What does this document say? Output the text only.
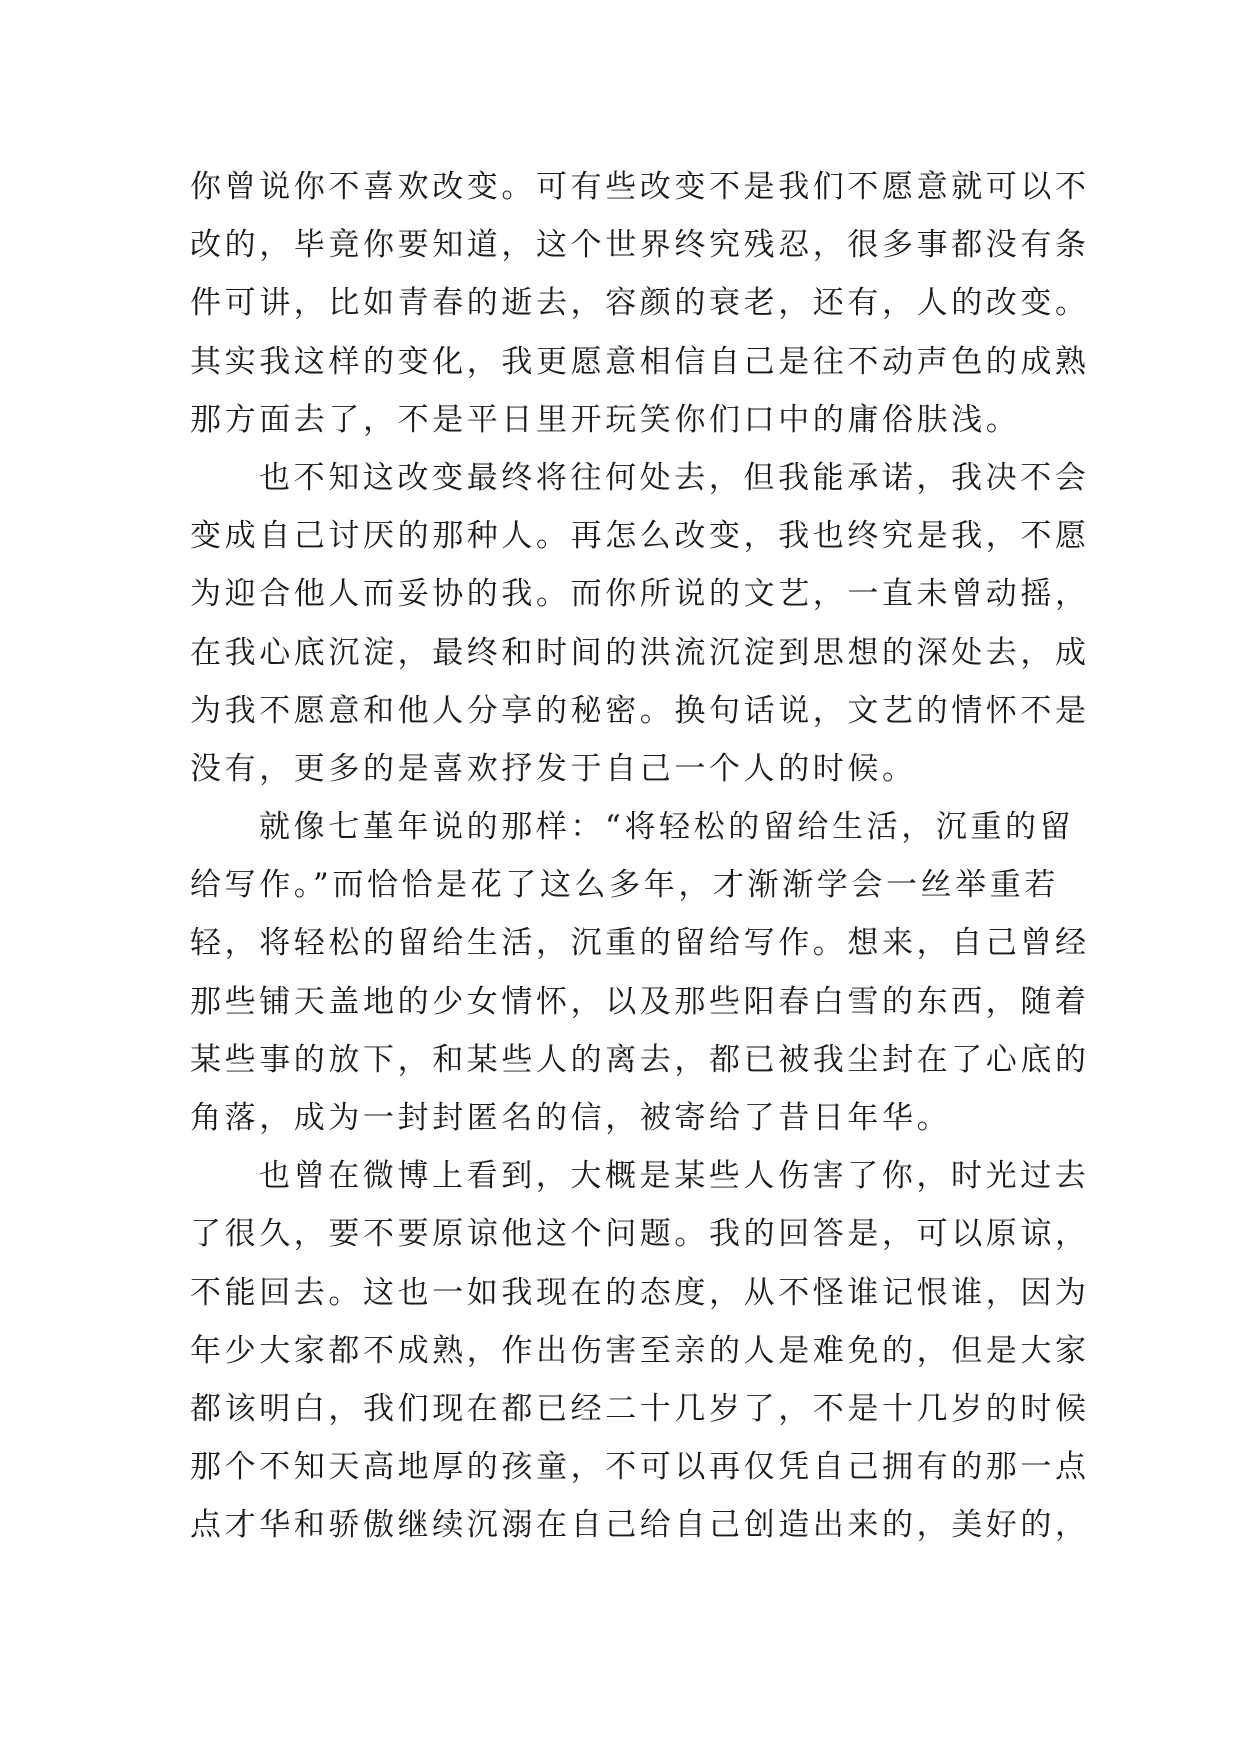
你曾说你不喜欢改变。可有些改变不是我们不愿意就可以不
改的，毕竟你要知道，这个世界终究残忍，很多事都没有条
件可讲，比如青春的逝去，容颜的衰老，还有，人的改变。
其实我这样的变化，我更愿意相信自己是往不动声色的成熟
那方面去了，不是平日里开玩笑你们口中的庸俗肤浅。
也不知这改变最终将往何处去，但我能承诺，我决不会
变成自己讨厌的那种人。再怎么改变，我也终究是我，不愿
为迎合他人而妥协的我。而你所说的文艺，一直未曾动摇，
在我心底沉淀，最终和时间的洪流沉淀到思想的深处去，成
为我不愿意和他人分享的秘密。换句话说，文艺的情怀不是
没有，更多的是喜欢抒发于自己一个人的时候。
就像七堇年说的那样：“将轻松的留给生活，沉重的留
给写作。”而恰恰是花了这么多年，才渐渐学会一丝举重若
轻，将轻松的留给生活，沉重的留给写作。想来，自己曾经
那些铺天盖地的少女情怀，以及那些阳春白雪的东西，随着
某些事的放下，和某些人的离去，都已被我尘封在了心底的
角落，成为一封封匿名的信，被寄给了昔日年华。
也曾在微博上看到，大概是某些人伤害了你，时光过去
了很久，要不要原谅他这个问题。我的回答是，可以原谅，
不能回去。这也一如我现在的态度，从不怪谁记恨谁，因为
年少大家都不成熟，作出伤害至亲的人是难免的，但是大家
都该明白，我们现在都已经二十几岁了，不是十几岁的时候
那个不知天高地厚的孩童，不可以再仅凭自己拥有的那一点
点才华和骄傲继续沉溺在自己给自己创造出来的，美好的，
